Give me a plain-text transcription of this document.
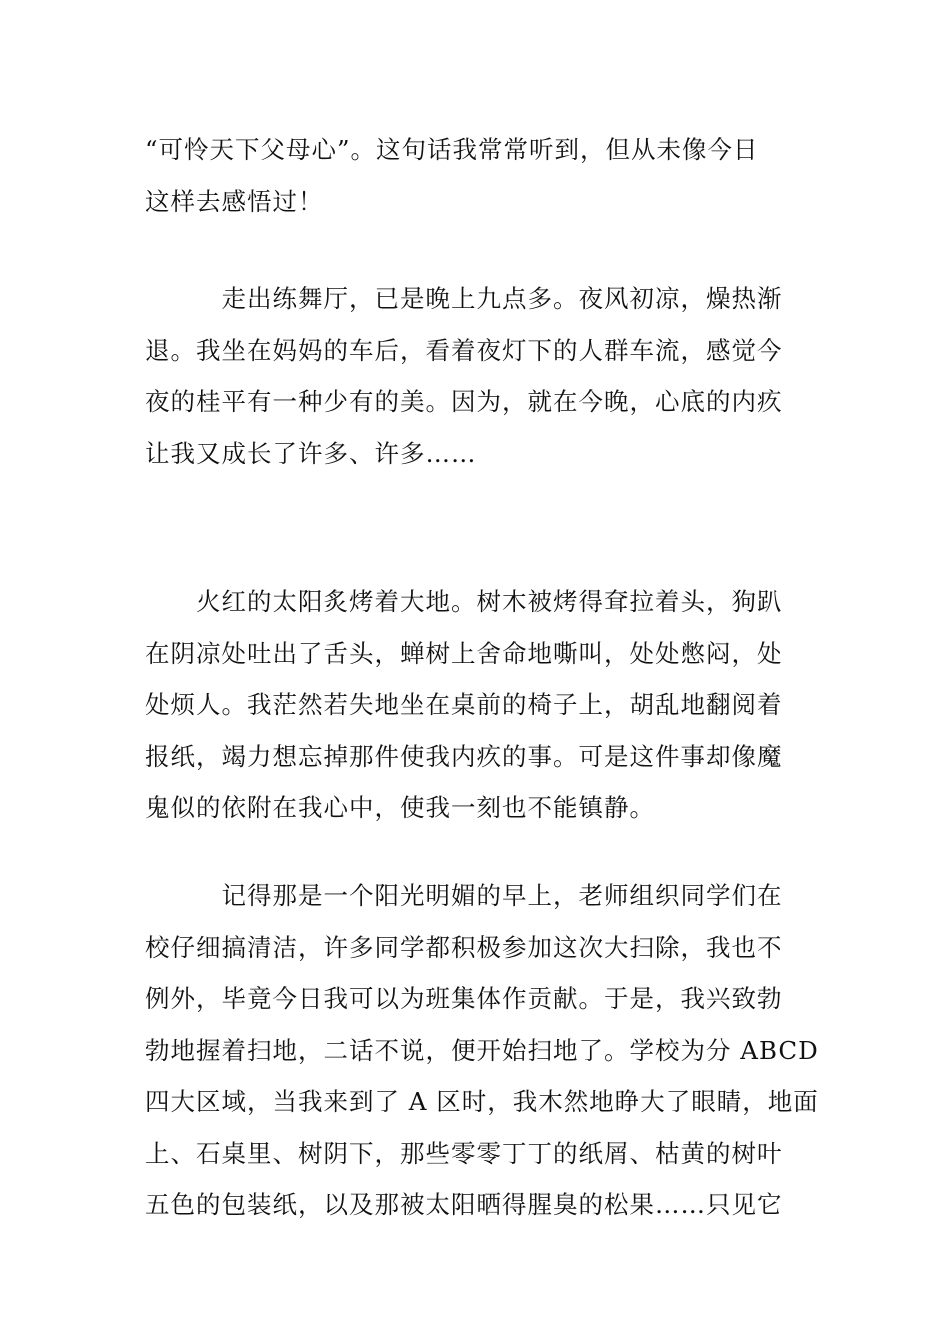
“可怜天下父母心”。这句话我常常听到，但从未像今日
这样去感悟过！

　　　走出练舞厅，已是晚上九点多。夜风初凉，燥热渐
退。我坐在妈妈的车后，看着夜灯下的人群车流，感觉今
夜的桂平有一种少有的美。因为，就在今晚，心底的内疚
让我又成长了许多、许多……

　　火红的太阳炙烤着大地。树木被烤得耷拉着头，狗趴
在阴凉处吐出了舌头，蝉树上舍命地嘶叫，处处憋闷，处
处烦人。我茫然若失地坐在桌前的椅子上，胡乱地翻阅着
报纸，竭力想忘掉那件使我内疚的事。可是这件事却像魔
鬼似的依附在我心中，使我一刻也不能镇静。

　　　记得那是一个阳光明媚的早上，老师组织同学们在
校仔细搞清洁，许多同学都积极参加这次大扫除，我也不
例外，毕竟今日我可以为班集体作贡献。于是，我兴致勃
勃地握着扫地，二话不说，便开始扫地了。学校为分 ABCD
四大区域，当我来到了 A 区时，我木然地睁大了眼睛，地面
上、石桌里、树阴下，那些零零丁丁的纸屑、枯黄的树叶
五色的包装纸，以及那被太阳晒得腥臭的松果……只见它
